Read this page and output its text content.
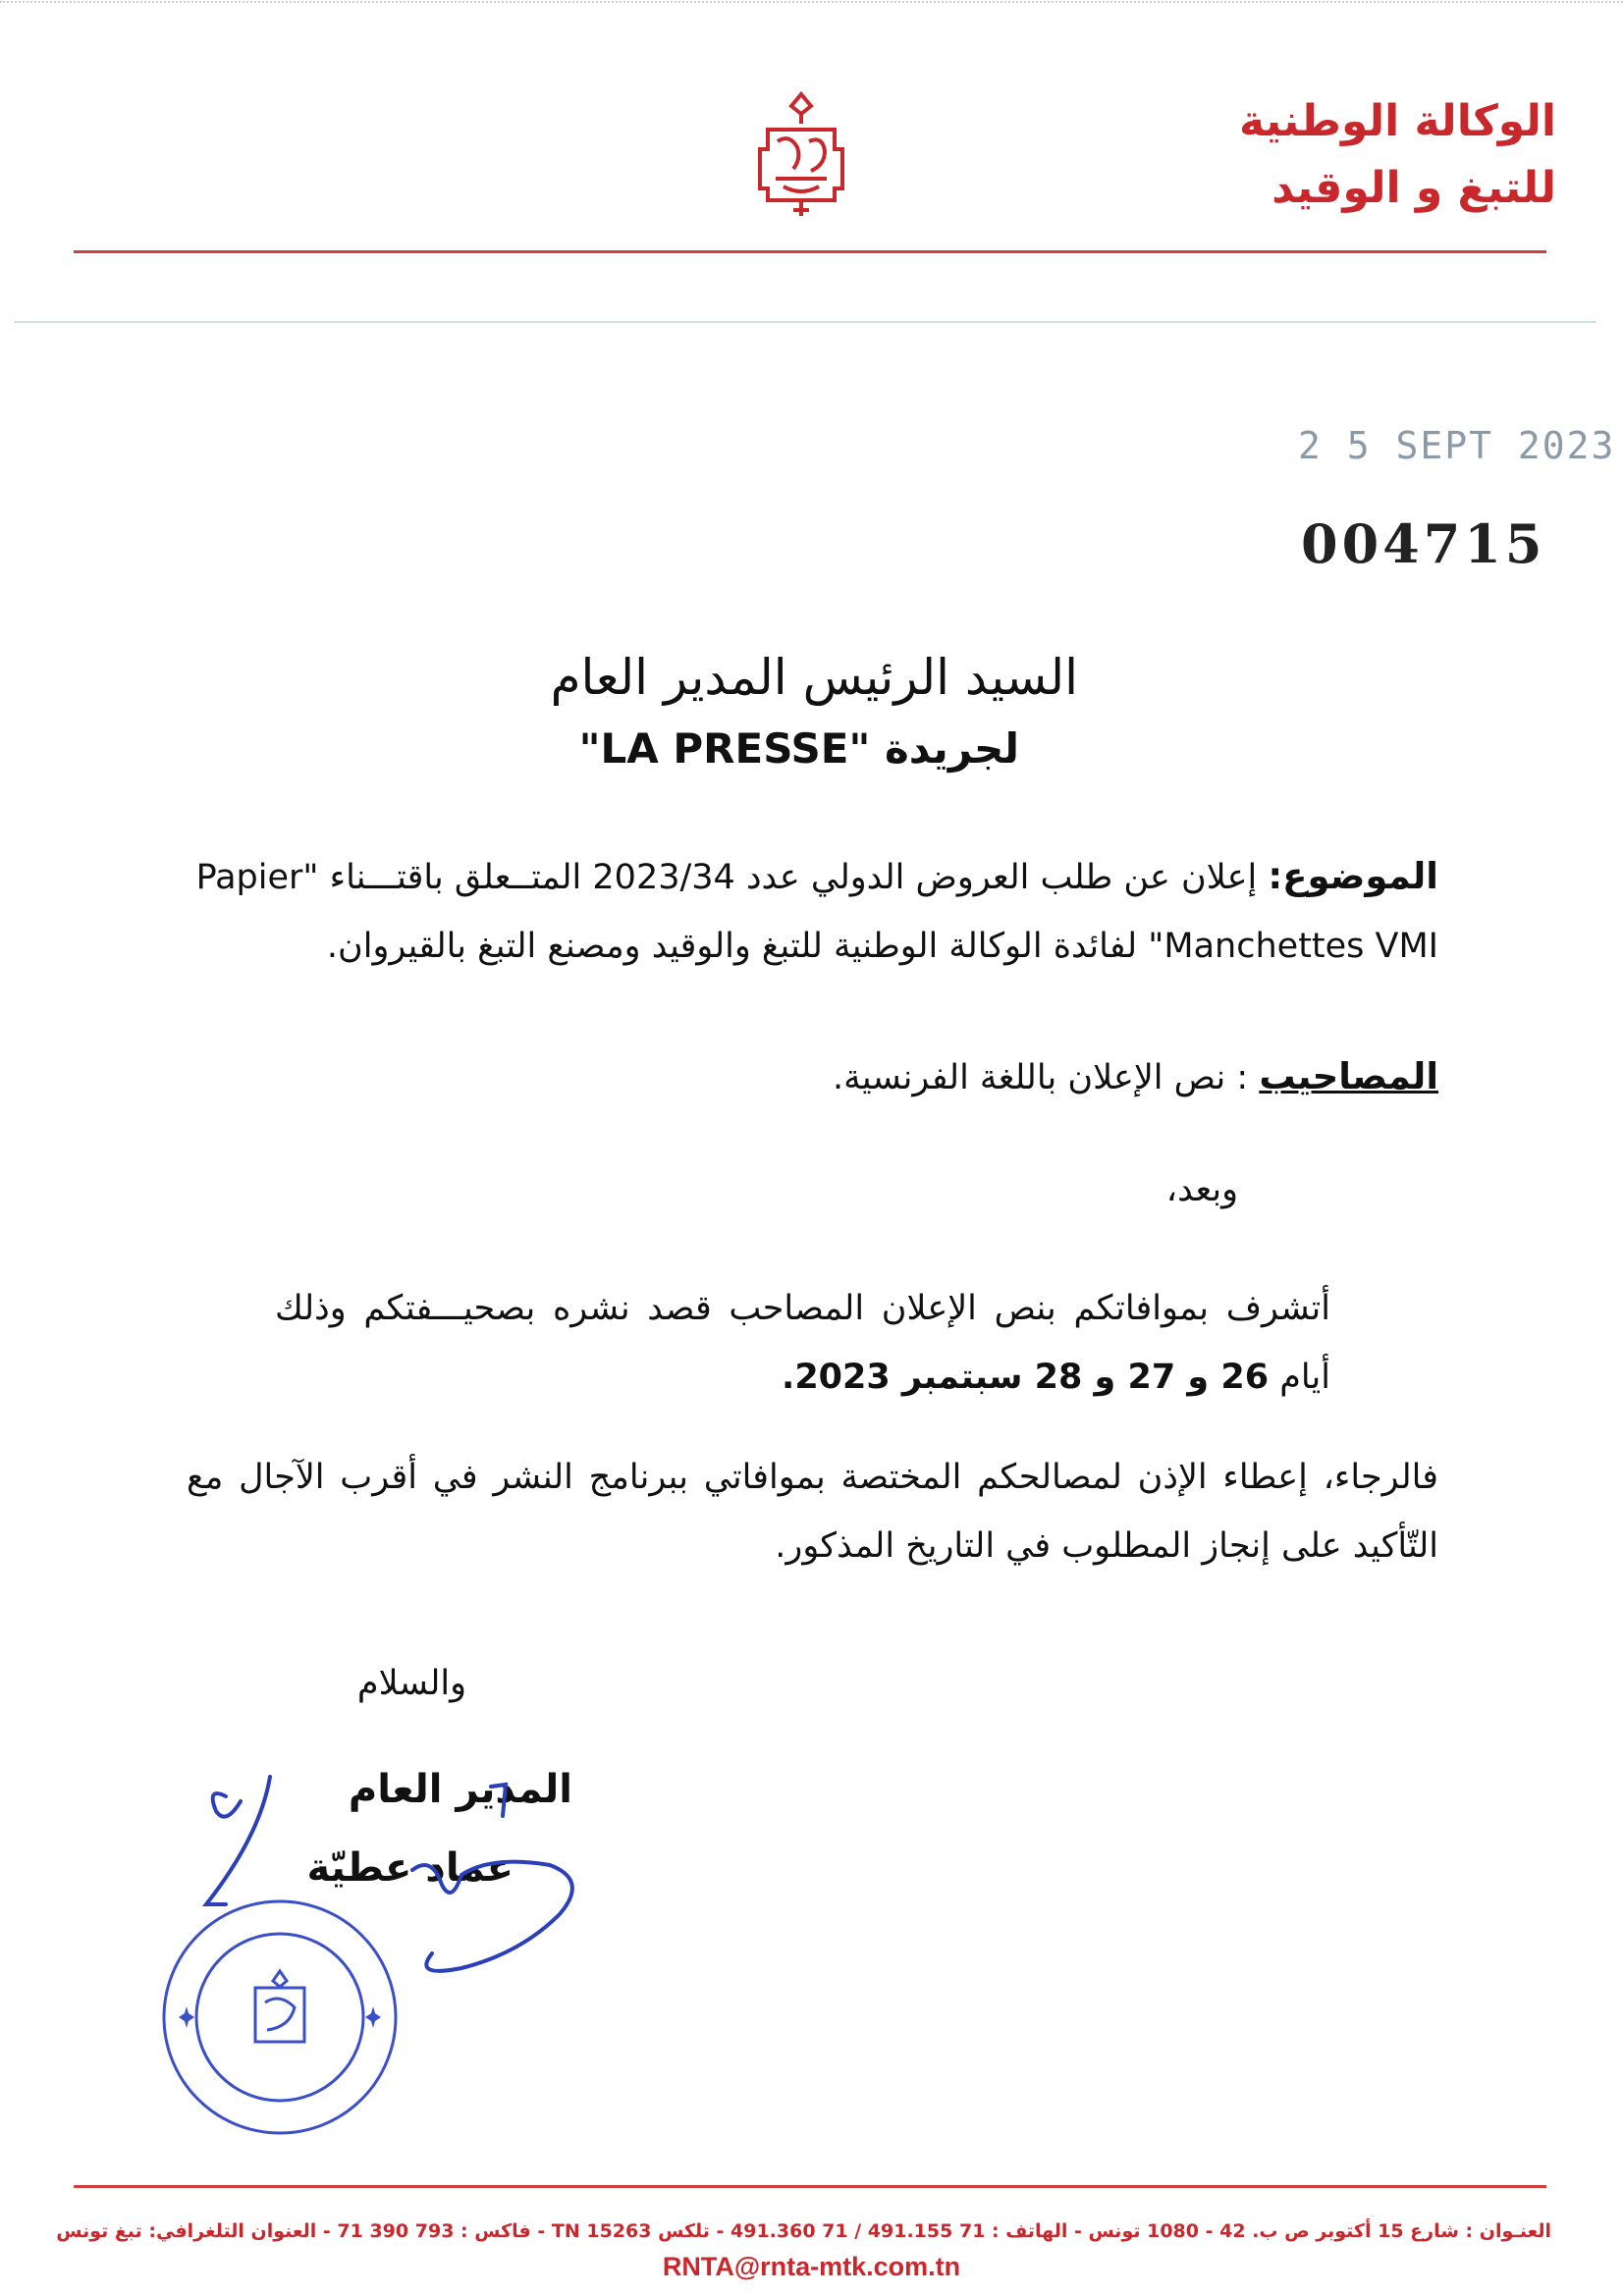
الوكالة الوطنية
للتبغ و الوقيد
2 5 SEPT 2023
004715
السيد الرئيس المدير العام
لجريدة "LA PRESSE"
الموضوع: إعلان عن طلب العروض الدولي عدد 2023/34 المتــعلق باقتـــناء "Papier Manchettes VMI" لفائدة الوكالة الوطنية للتبغ والوقيد ومصنع التبغ بالقيروان.
المصاحيب : نص الإعلان باللغة الفرنسية.
وبعد،
أتشرف بموافاتكم بنص الإعلان المصاحب قصد نشره بصحيـــفتكم وذلك أيام 26 و 27 و 28 سبتمبر 2023.
فالرجاء، إعطاء الإذن لمصالحكم المختصة بموافاتي ببرنامج النشر في أقرب الآجال مع التّأكيد على إنجاز المطلوب في التاريخ المذكور.
والسلام
المدير العام
عماد عطيّة
العنـوان : شارع 15 أكتوبر ص ب. 42 - 1080 تونس - الهاتف : 71 491.155 / 71 491.360 - تلكس 15263 TN - فاكس : 793 390 71 - العنوان التلغرافي: تبغ تونس
RNTA@rnta-mtk.com.tn
